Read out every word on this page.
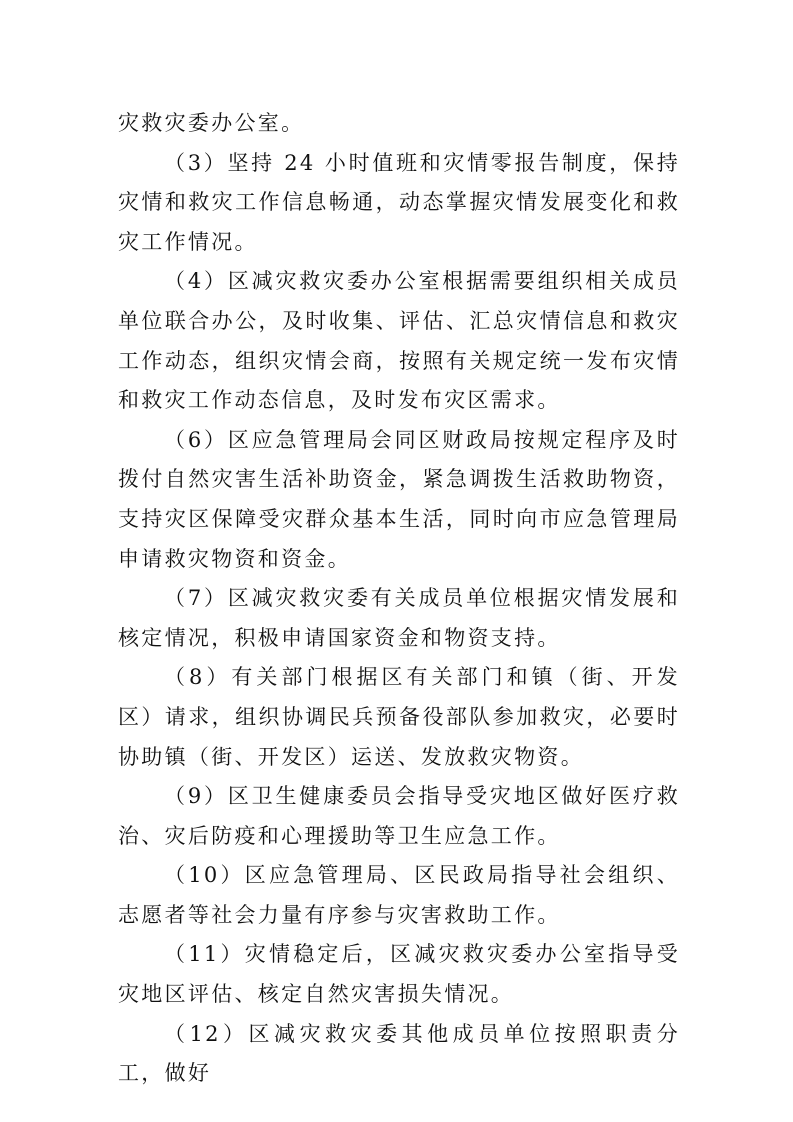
灾救灾委办公室。

（3）坚持 24 小时值班和灾情零报告制度，保持灾情和救灾工作信息畅通，动态掌握灾情发展变化和救灾工作情况。

（4）区减灾救灾委办公室根据需要组织相关成员单位联合办公，及时收集、评估、汇总灾情信息和救灾工作动态，组织灾情会商，按照有关规定统一发布灾情和救灾工作动态信息，及时发布灾区需求。

（6）区应急管理局会同区财政局按规定程序及时拨付自然灾害生活补助资金，紧急调拨生活救助物资，支持灾区保障受灾群众基本生活，同时向市应急管理局申请救灾物资和资金。

（7）区减灾救灾委有关成员单位根据灾情发展和核定情况，积极申请国家资金和物资支持。

（8）有关部门根据区有关部门和镇（街、开发区）请求，组织协调民兵预备役部队参加救灾，必要时协助镇（街、开发区）运送、发放救灾物资。

（9）区卫生健康委员会指导受灾地区做好医疗救治、灾后防疫和心理援助等卫生应急工作。

（10）区应急管理局、区民政局指导社会组织、志愿者等社会力量有序参与灾害救助工作。

（11）灾情稳定后，区减灾救灾委办公室指导受灾地区评估、核定自然灾害损失情况。

（12）区减灾救灾委其他成员单位按照职责分工，做好
